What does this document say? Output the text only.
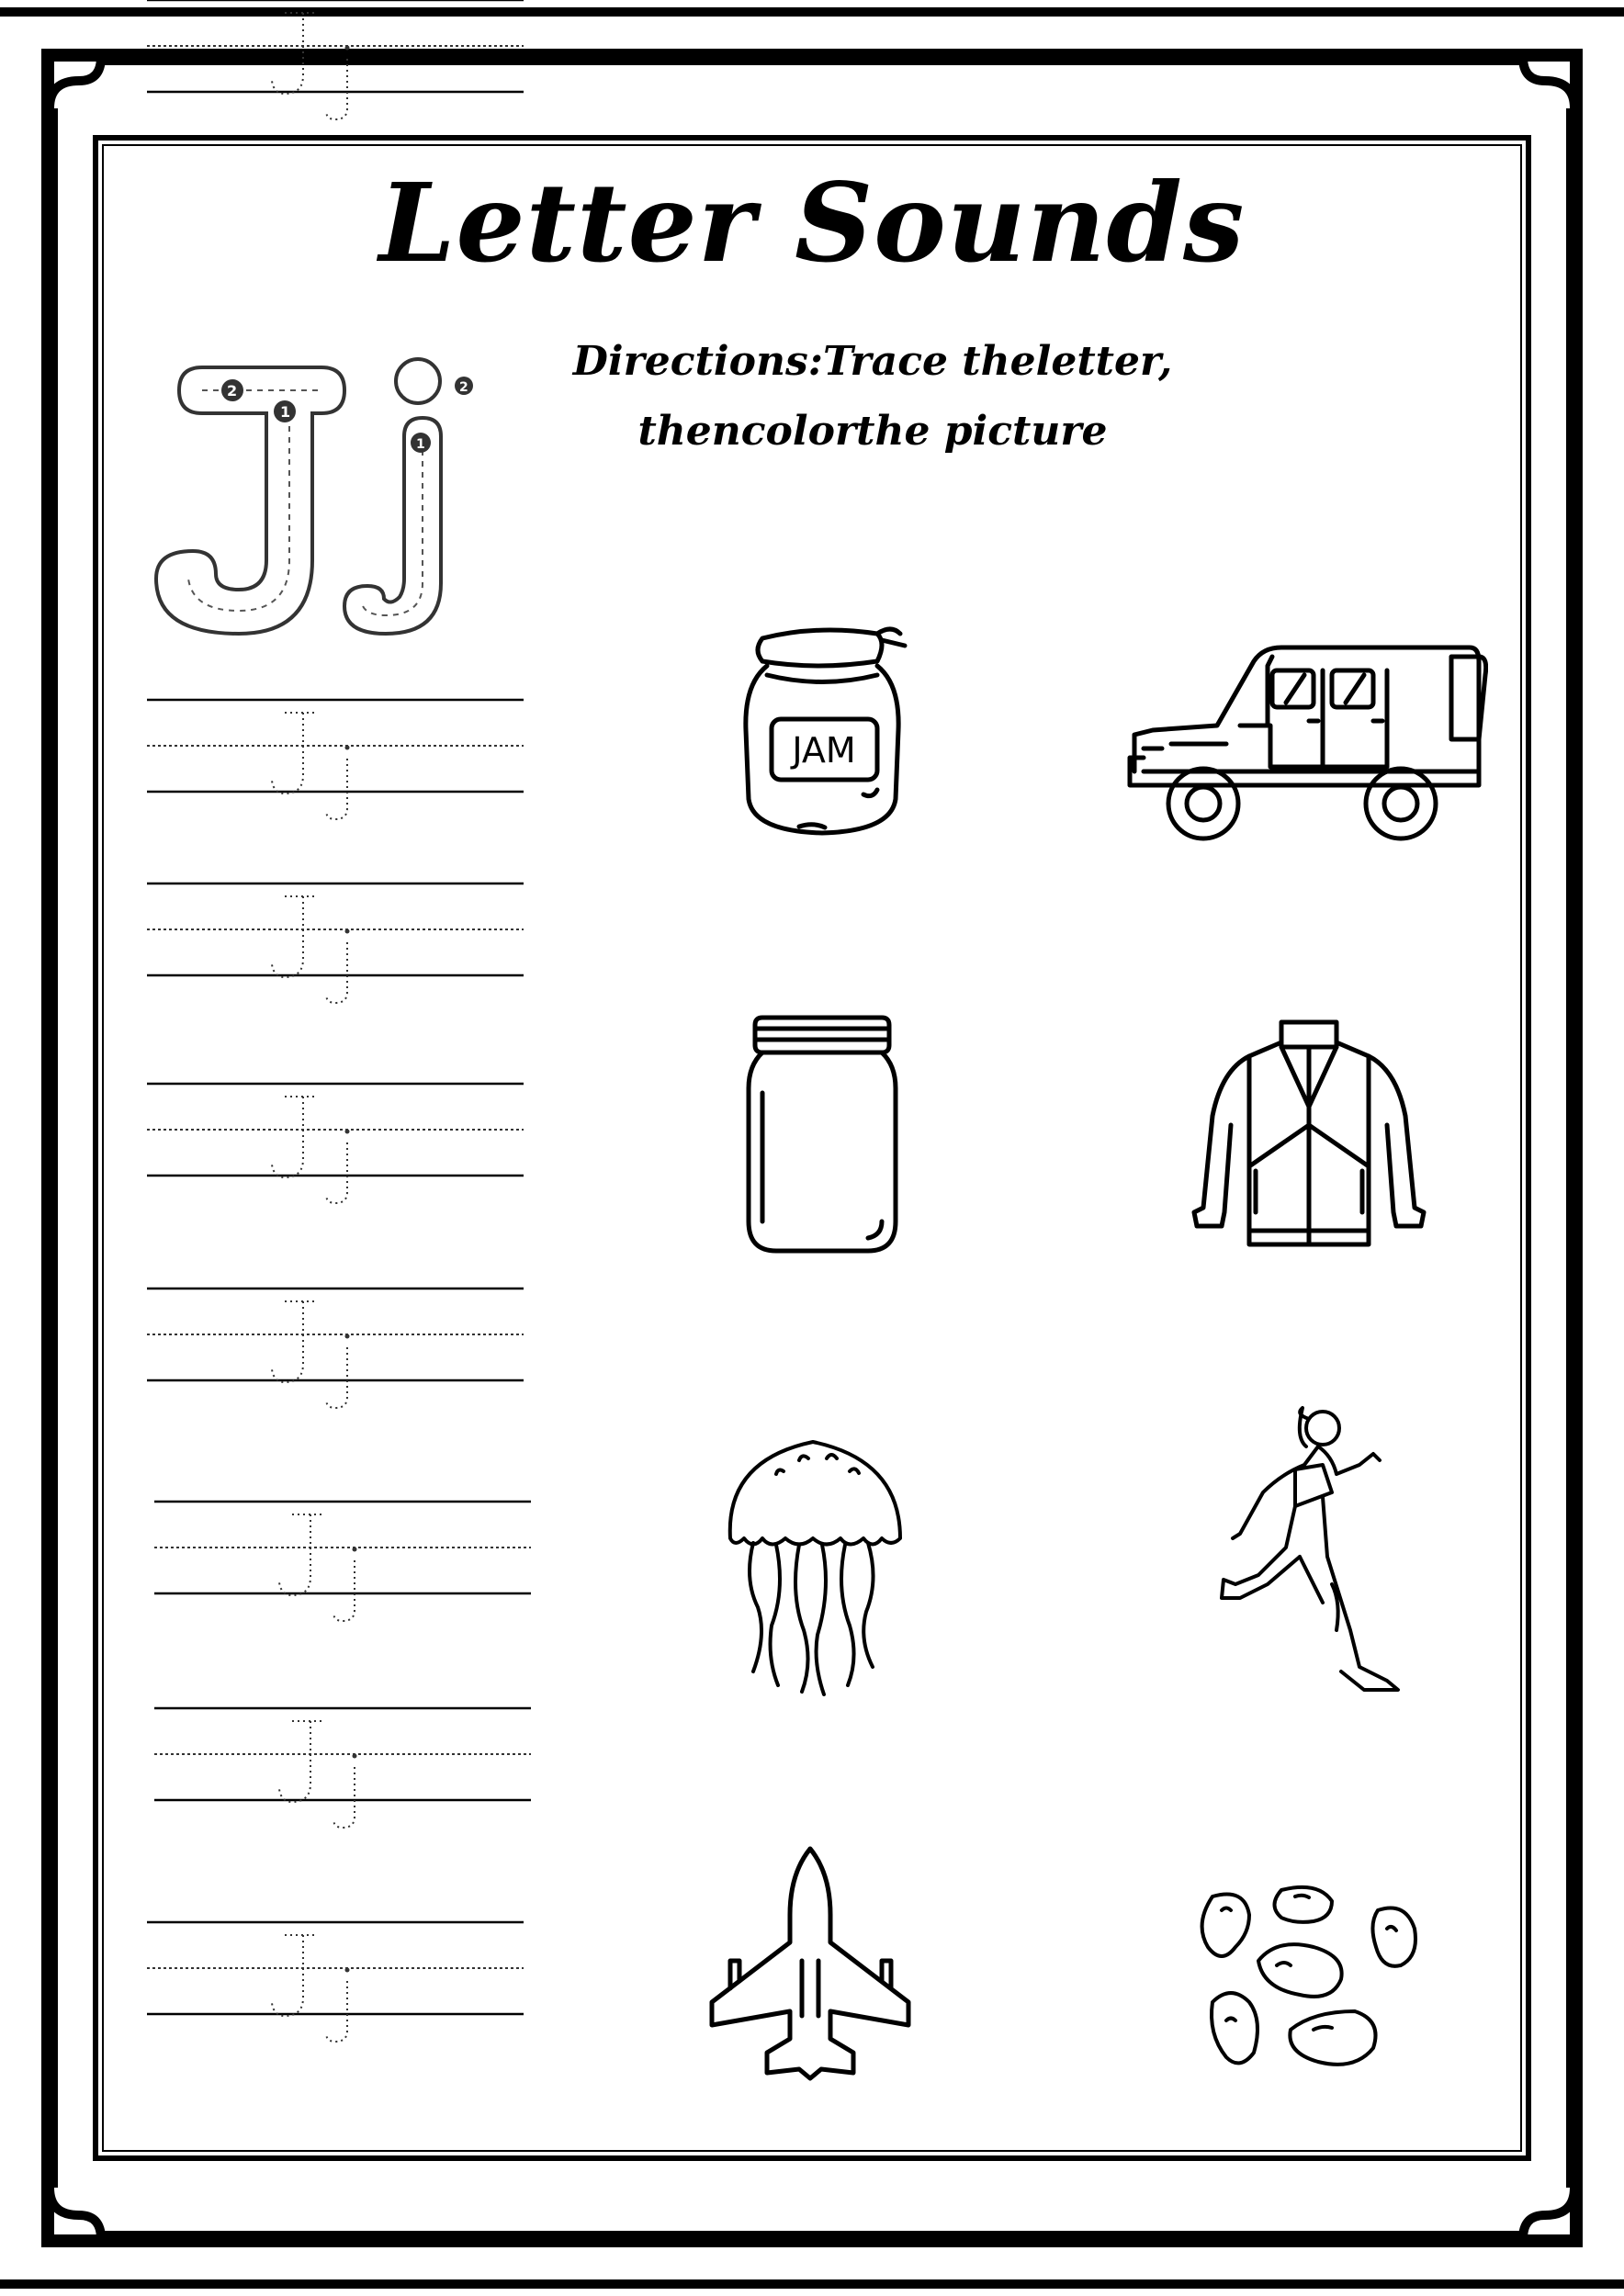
Letter Sounds

Directions:Trace theletter,

thencolorthe picture

2
1
2
1
JAM
